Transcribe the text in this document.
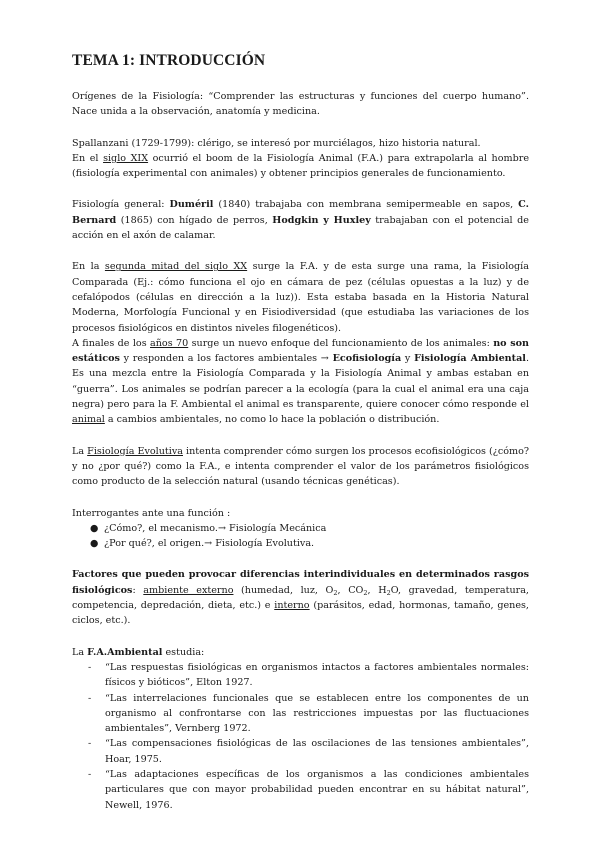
TEMA 1: INTRODUCCIÓN

Orígenes de la Fisiología: “Comprender las estructuras y funciones del cuerpo humano”. Nace unida a la observación, anatomía y medicina.

Spallanzani (1729-1799): clérigo, se interesó por murciélagos, hizo historia natural.

En el siglo XIX ocurrió el boom de la Fisiología Animal (F.A.) para extrapolarla al hombre (fisiología experimental con animales) y obtener principios generales de funcionamiento.

Fisiología general: Duméril (1840) trabajaba con membrana semipermeable en sapos, C. Bernard (1865) con hígado de perros, Hodgkin y Huxley trabajaban con el potencial de acción en el axón de calamar.

En la segunda mitad del siglo XX surge la F.A. y de esta surge una rama, la Fisiología Comparada (Ej.: cómo funciona el ojo en cámara de pez (células opuestas a la luz) y de cefalópodos (células en dirección a la luz)). Esta estaba basada en la Historia Natural Moderna, Morfología Funcional y en Fisiodiversidad (que estudiaba las variaciones de los procesos fisiológicos en distintos niveles filogenéticos).

A finales de los años 70 surge un nuevo enfoque del funcionamiento de los animales: no son estáticos y responden a los factores ambientales → Ecofisiología y Fisiología Ambiental. Es una mezcla entre la Fisiología Comparada y la Fisiología Animal y ambas estaban en “guerra”. Los animales se podrían parecer a la ecología (para la cual el animal era una caja negra) pero para la F. Ambiental el animal es transparente, quiere conocer cómo responde el animal a cambios ambientales, no como lo hace la población o distribución.

La Fisiología Evolutiva intenta comprender cómo surgen los procesos ecofisiológicos (¿cómo? y no ¿por qué?) como la F.A., e intenta comprender el valor de los parámetros fisiológicos como producto de la selección natural (usando técnicas genéticas).

Interrogantes ante una función :

● ¿Cómo?, el mecanismo.→ Fisiología Mecánica
● ¿Por qué?, el origen.→ Fisiología Evolutiva.

Factores que pueden provocar diferencias interindividuales en determinados rasgos fisiológicos: ambiente externo (humedad, luz, $O_2$, $CO_2$, $H_2O$, gravedad, temperatura, competencia, depredación, dieta, etc.) e interno (parásitos, edad, hormonas, tamaño, genes, ciclos, etc.).

La F.A.Ambiental estudia:

- “Las respuestas fisiológicas en organismos intactos a factores ambientales normales: físicos y bióticos”, Elton 1927.
- “Las interrelaciones funcionales que se establecen entre los componentes de un organismo al confrontarse con las restricciones impuestas por las fluctuaciones ambientales”, Vernberg 1972.
- “Las compensaciones fisiológicas de las oscilaciones de las tensiones ambientales”, Hoar, 1975.
- “Las adaptaciones específicas de los organismos a las condiciones ambientales particulares que con mayor probabilidad pueden encontrar en su hábitat natural”, Newell, 1976.
